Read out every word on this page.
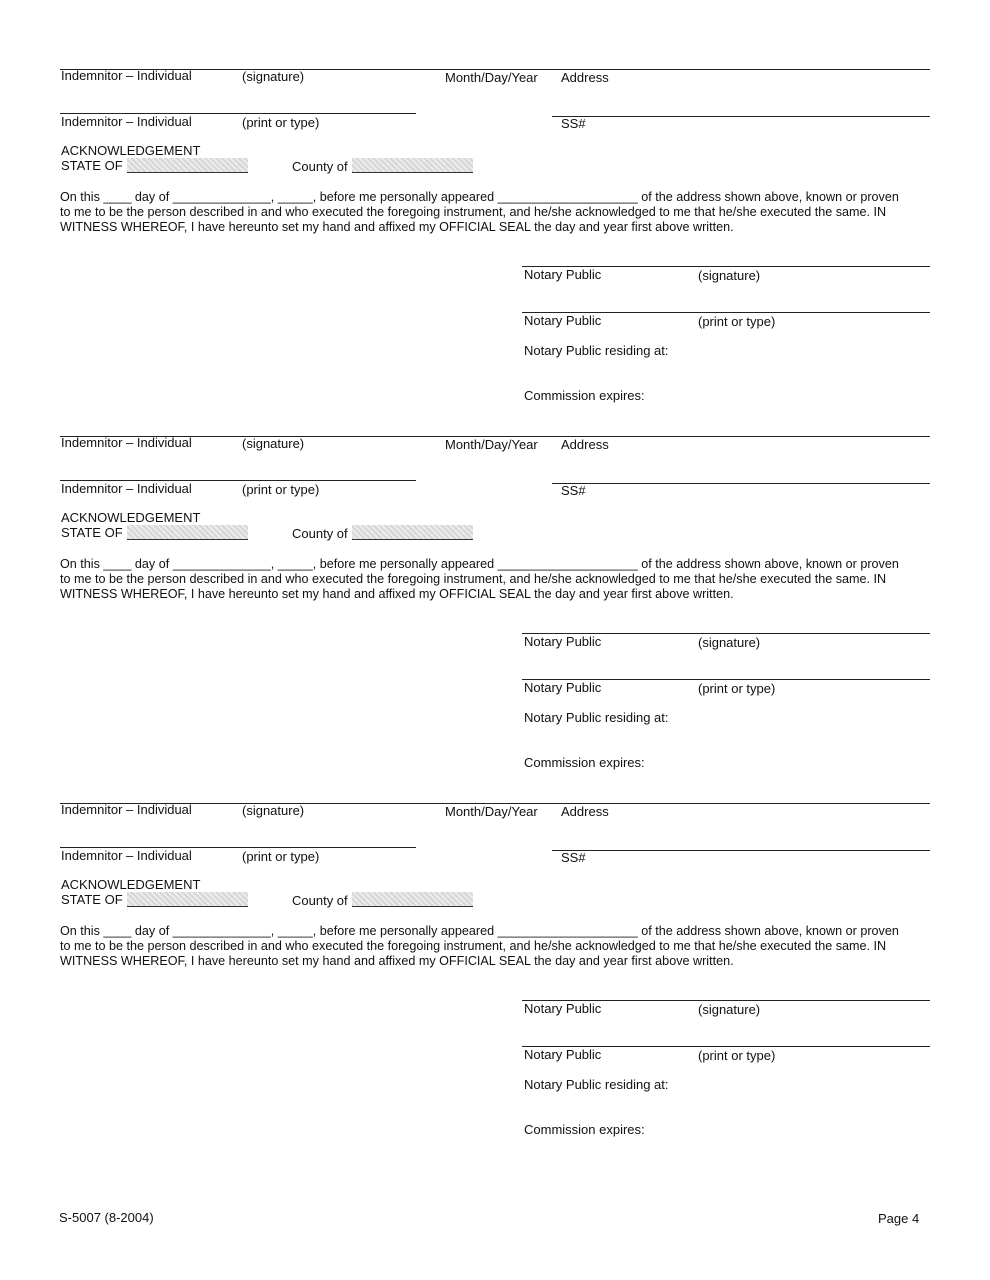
Indemnitor – Individual	(signature)	Month/Day/Year Address
Indemnitor – Individual	(print or type)	SS#
ACKNOWLEDGEMENT
STATE OF	County of
On this ____ day of ______________, _____, before me personally appeared ____________________ of the address shown above, known or proven
to me to be the person described in and who executed the foregoing instrument, and he/she acknowledged to me that he/she executed the same. IN
WITNESS WHEREOF, I have hereunto set my hand and affixed my OFFICIAL SEAL the day and year first above written.
Notary Public	(signature)
Notary Public	(print or type)
Notary Public residing at:
Commission expires:
Indemnitor – Individual	(signature)	Month/Day/Year Address
Indemnitor – Individual	(print or type)	SS#
ACKNOWLEDGEMENT
STATE OF	County of
On this ____ day of ______________, _____, before me personally appeared ____________________ of the address shown above, known or proven
to me to be the person described in and who executed the foregoing instrument, and he/she acknowledged to me that he/she executed the same. IN
WITNESS WHEREOF, I have hereunto set my hand and affixed my OFFICIAL SEAL the day and year first above written.
Notary Public	(signature)
Notary Public	(print or type)
Notary Public residing at:
Commission expires:
Indemnitor – Individual	(signature)	Month/Day/Year Address
Indemnitor – Individual	(print or type)	SS#
ACKNOWLEDGEMENT
STATE OF	County of
On this ____ day of ______________, _____, before me personally appeared ____________________ of the address shown above, known or proven
to me to be the person described in and who executed the foregoing instrument, and he/she acknowledged to me that he/she executed the same. IN
WITNESS WHEREOF, I have hereunto set my hand and affixed my OFFICIAL SEAL the day and year first above written.
Notary Public	(signature)
Notary Public	(print or type)
Notary Public residing at:
Commission expires:
S-5007 (8-2004)	Page 4
